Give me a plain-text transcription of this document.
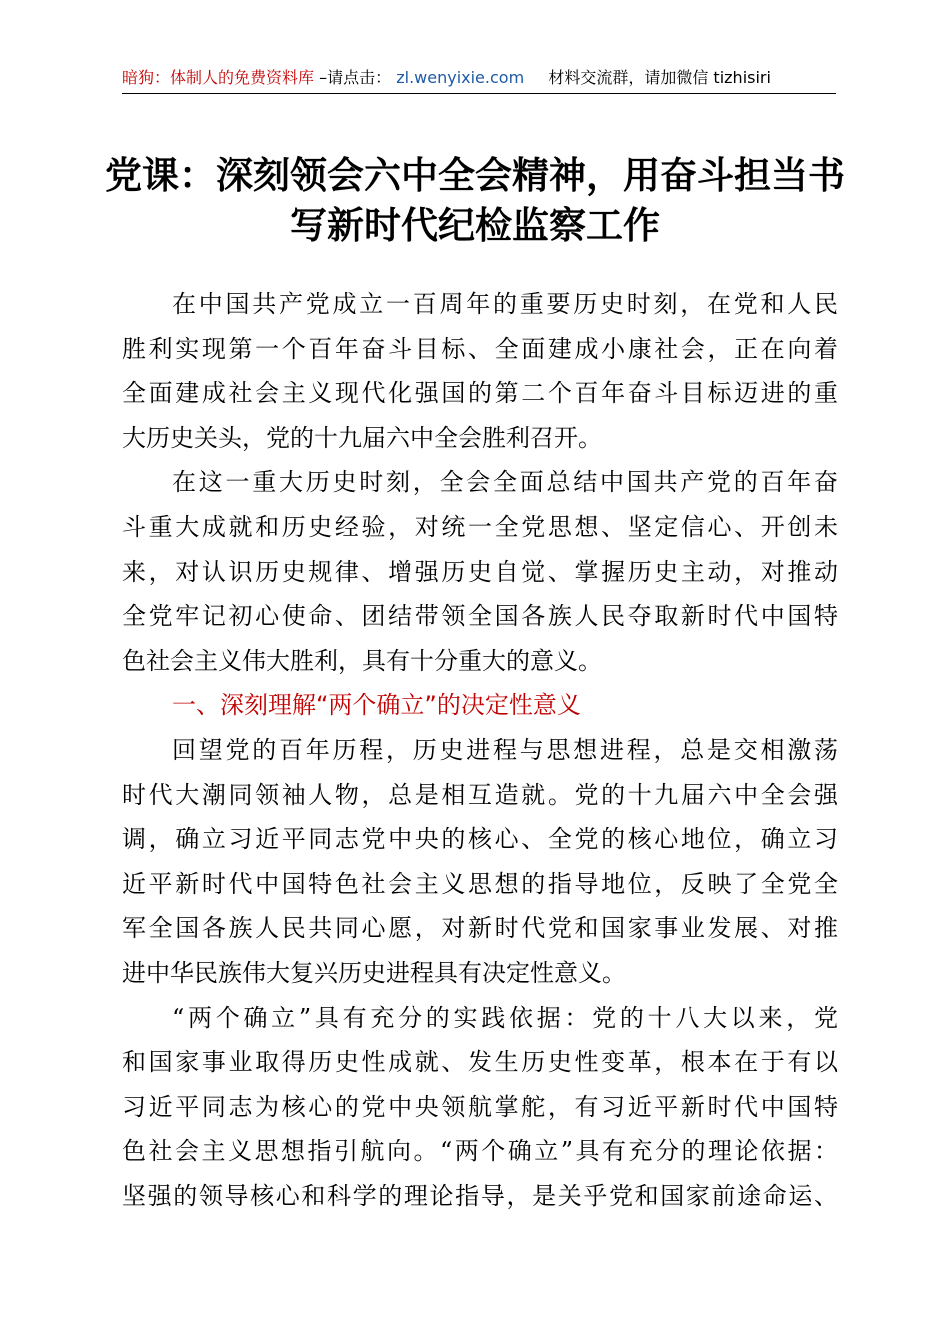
暗狗：体制人的免费资料库 –请点击： zl.wenyixie.com 材料交流群，请加微信 tizhisiri
党课：深刻领会六中全会精神，用奋斗担当书
写新时代纪检监察工作
在中国共产党成立一百周年的重要历史时刻，在党和人民
胜利实现第一个百年奋斗目标、全面建成小康社会，正在向着
全面建成社会主义现代化强国的第二个百年奋斗目标迈进的重
大历史关头，党的十九届六中全会胜利召开。
在这一重大历史时刻，全会全面总结中国共产党的百年奋
斗重大成就和历史经验，对统一全党思想、坚定信心、开创未
来，对认识历史规律、增强历史自觉、掌握历史主动，对推动
全党牢记初心使命、团结带领全国各族人民夺取新时代中国特
色社会主义伟大胜利，具有十分重大的意义。
一、深刻理解“两个确立”的决定性意义
回望党的百年历程，历史进程与思想进程，总是交相激荡
时代大潮同领袖人物，总是相互造就。党的十九届六中全会强
调，确立习近平同志党中央的核心、全党的核心地位，确立习
近平新时代中国特色社会主义思想的指导地位，反映了全党全
军全国各族人民共同心愿，对新时代党和国家事业发展、对推
进中华民族伟大复兴历史进程具有决定性意义。
“两个确立”具有充分的实践依据：党的十八大以来，党
和国家事业取得历史性成就、发生历史性变革，根本在于有以
习近平同志为核心的党中央领航掌舵，有习近平新时代中国特
色社会主义思想指引航向。“两个确立”具有充分的理论依据：
坚强的领导核心和科学的理论指导，是关乎党和国家前途命运、
